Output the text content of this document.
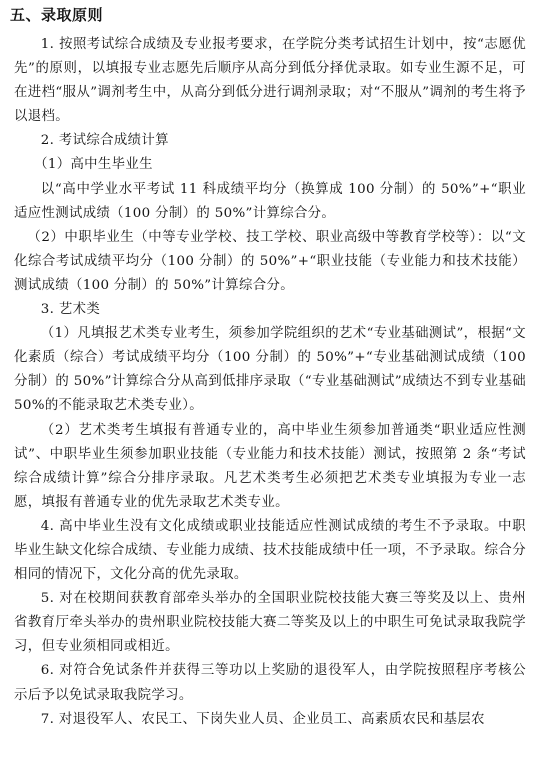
五、录取原则

1. 按照考试综合成绩及专业报考要求，在学院分类考试招生计划中，按“志愿优先”的原则，以填报专业志愿先后顺序从高分到低分择优录取。如专业生源不足，可在进档“服从”调剂考生中，从高分到低分进行调剂录取；对“不服从”调剂的考生将予以退档。

2. 考试综合成绩计算

（1）高中生毕业生

以“高中学业水平考试 11 科成绩平均分（换算成 100 分制）的 50%”+“职业适应性测试成绩（100 分制）的 50%”计算综合分。

（2）中职毕业生（中等专业学校、技工学校、职业高级中等教育学校等）：以“文化综合考试成绩平均分（100 分制）的 50%”+“职业技能（专业能力和技术技能）测试成绩（100 分制）的 50%”计算综合分。

3. 艺术类

（1）凡填报艺术类专业考生，须参加学院组织的艺术“专业基础测试”，根据“文化素质（综合）考试成绩平均分（100 分制）的 50%”+“专业基础测试成绩（100 分制）的 50%”计算综合分从高到低排序录取（“专业基础测试”成绩达不到专业基础 50%的不能录取艺术类专业）。

（2）艺术类考生填报有普通专业的，高中毕业生须参加普通类“职业适应性测试”、中职毕业生须参加职业技能（专业能力和技术技能）测试，按照第 2 条“考试综合成绩计算”综合分排序录取。凡艺术类考生必须把艺术类专业填报为专业一志愿，填报有普通专业的优先录取艺术类专业。

4. 高中毕业生没有文化成绩或职业技能适应性测试成绩的考生不予录取。中职毕业生缺文化综合成绩、专业能力成绩、技术技能成绩中任一项，不予录取。综合分相同的情况下，文化分高的优先录取。

5. 对在校期间获教育部牵头举办的全国职业院校技能大赛三等奖及以上、贵州省教育厅牵头举办的贵州职业院校技能大赛二等奖及以上的中职生可免试录取我院学习，但专业须相同或相近。

6. 对符合免试条件并获得三等功以上奖励的退役军人，由学院按照程序考核公示后予以免试录取我院学习。

7. 对退役军人、农民工、下岗失业人员、企业员工、高素质农民和基层农
